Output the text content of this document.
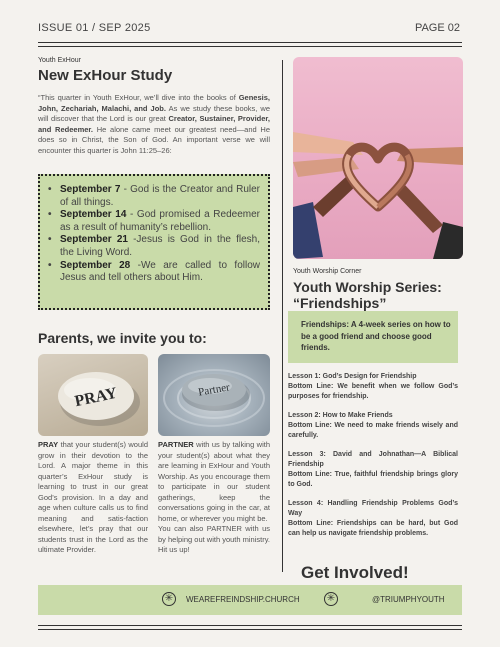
ISSUE 01 / SEP 2025	PAGE 02
Youth ExHour
New ExHour Study
“This quarter in Youth ExHour, we’ll dive into the books of Genesis, John, Zechariah, Malachi, and Job. As we study these books, we will discover that the Lord is our great Creator, Sustainer, Provider, and Redeemer. He alone came meet our greatest need—and He does so in Christ, the Son of God. An important verse we will encounter this quarter is John 11:25–26:
• September 7 - God is the Creator and Ruler of all things.
• September 14 - God promised a Redeemer as a result of humanity’s rebellion.
• September 21 -Jesus is God in the flesh, the Living Word.
• September 28 -We are called to follow Jesus and tell others about Him.
Parents, we invite you to:
PRAY	Partner
PRAY that your student(s) would grow in their devotion to the Lord. A major theme in this quarter’s ExHour study is learning to trust in our great God’s provision. In a day and age when culture calls us to find meaning and satis-faction elsewhere, let’s pray that our students trust in the Lord as the ultimate Provider.
PARTNER with us by talking with your student(s) about what they are learning in ExHour and Youth Worship. As you encourage them to participate in our student gatherings, keep the conversations going in the car, at home, or wherever you might be.
You can also PARTNER with us by helping out with youth ministry. Hit us up!
Youth Worship Corner
Youth Worship Series: “Friendships”
Friendships: A 4-week series on how to be a good friend and choose good friends.
Lesson 1: God’s Design for Friendship
Bottom Line: We benefit when we follow God’s purposes for friendship.
Lesson 2: How to Make Friends
Bottom Line: We need to make friends wisely and carefully.
Lesson 3: David and Johnathan—A Biblical Friendship
Bottom Line: True, faithful friendship brings glory to God.
Lesson 4: Handling Friendship Problems God’s Way
Bottom Line: Friendships can be hard, but God can help us navigate friendship problems.
Get Involved!
✳	WEAREFREINDSHIP.CHURCH	✳	@TRIUMPHYOUTH
